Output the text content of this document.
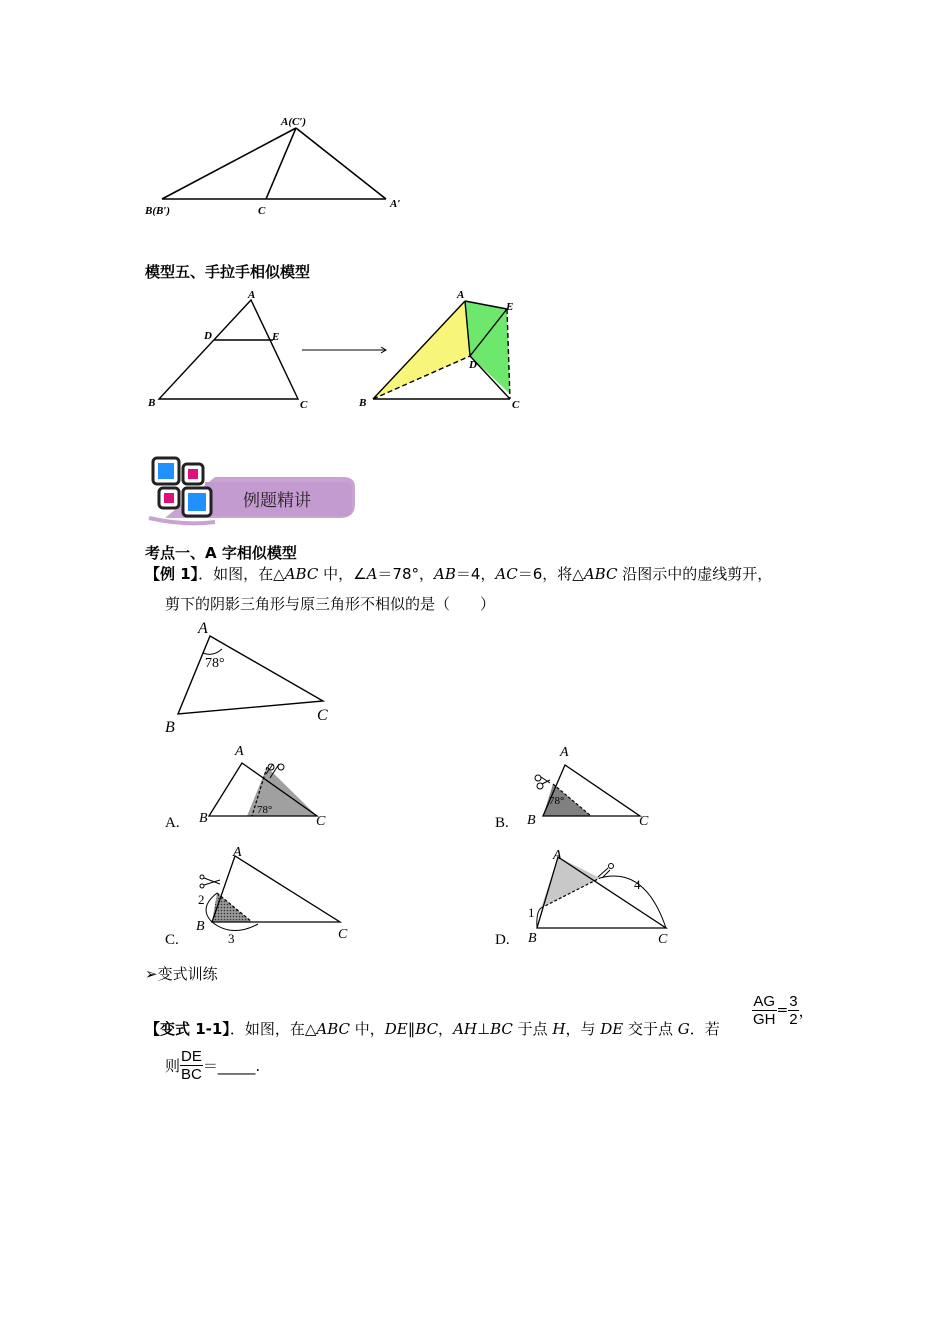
A(C′)
B(B′)	C
A′
模型五、手拉手相似模型
A
D	E
B	C
A
E
D
B	C
例题精讲
考点一、A 字相似模型
【例 1】．如图，在△ABC 中，∠A＝78°，AB＝4，AC＝6，将△ABC 沿图示中的虚线剪开，
剪下的阴影三角形与原三角形不相似的是（　　）
A
78°
B
C
A.
A
78°
B	C	B.
A
78°
B	C
C.
A
2
3
B
C	D.
A
1
4
B	C
➢变式训练
【变式 1-1】．如图，在△ABC 中，DE∥BC，AH⊥BC 于点 H，与 DE 交于点 G．若
$\frac{AG}{GH} = \frac{3}{2}$ ，
则 $\frac{DE}{BC}$ ＝_____.
